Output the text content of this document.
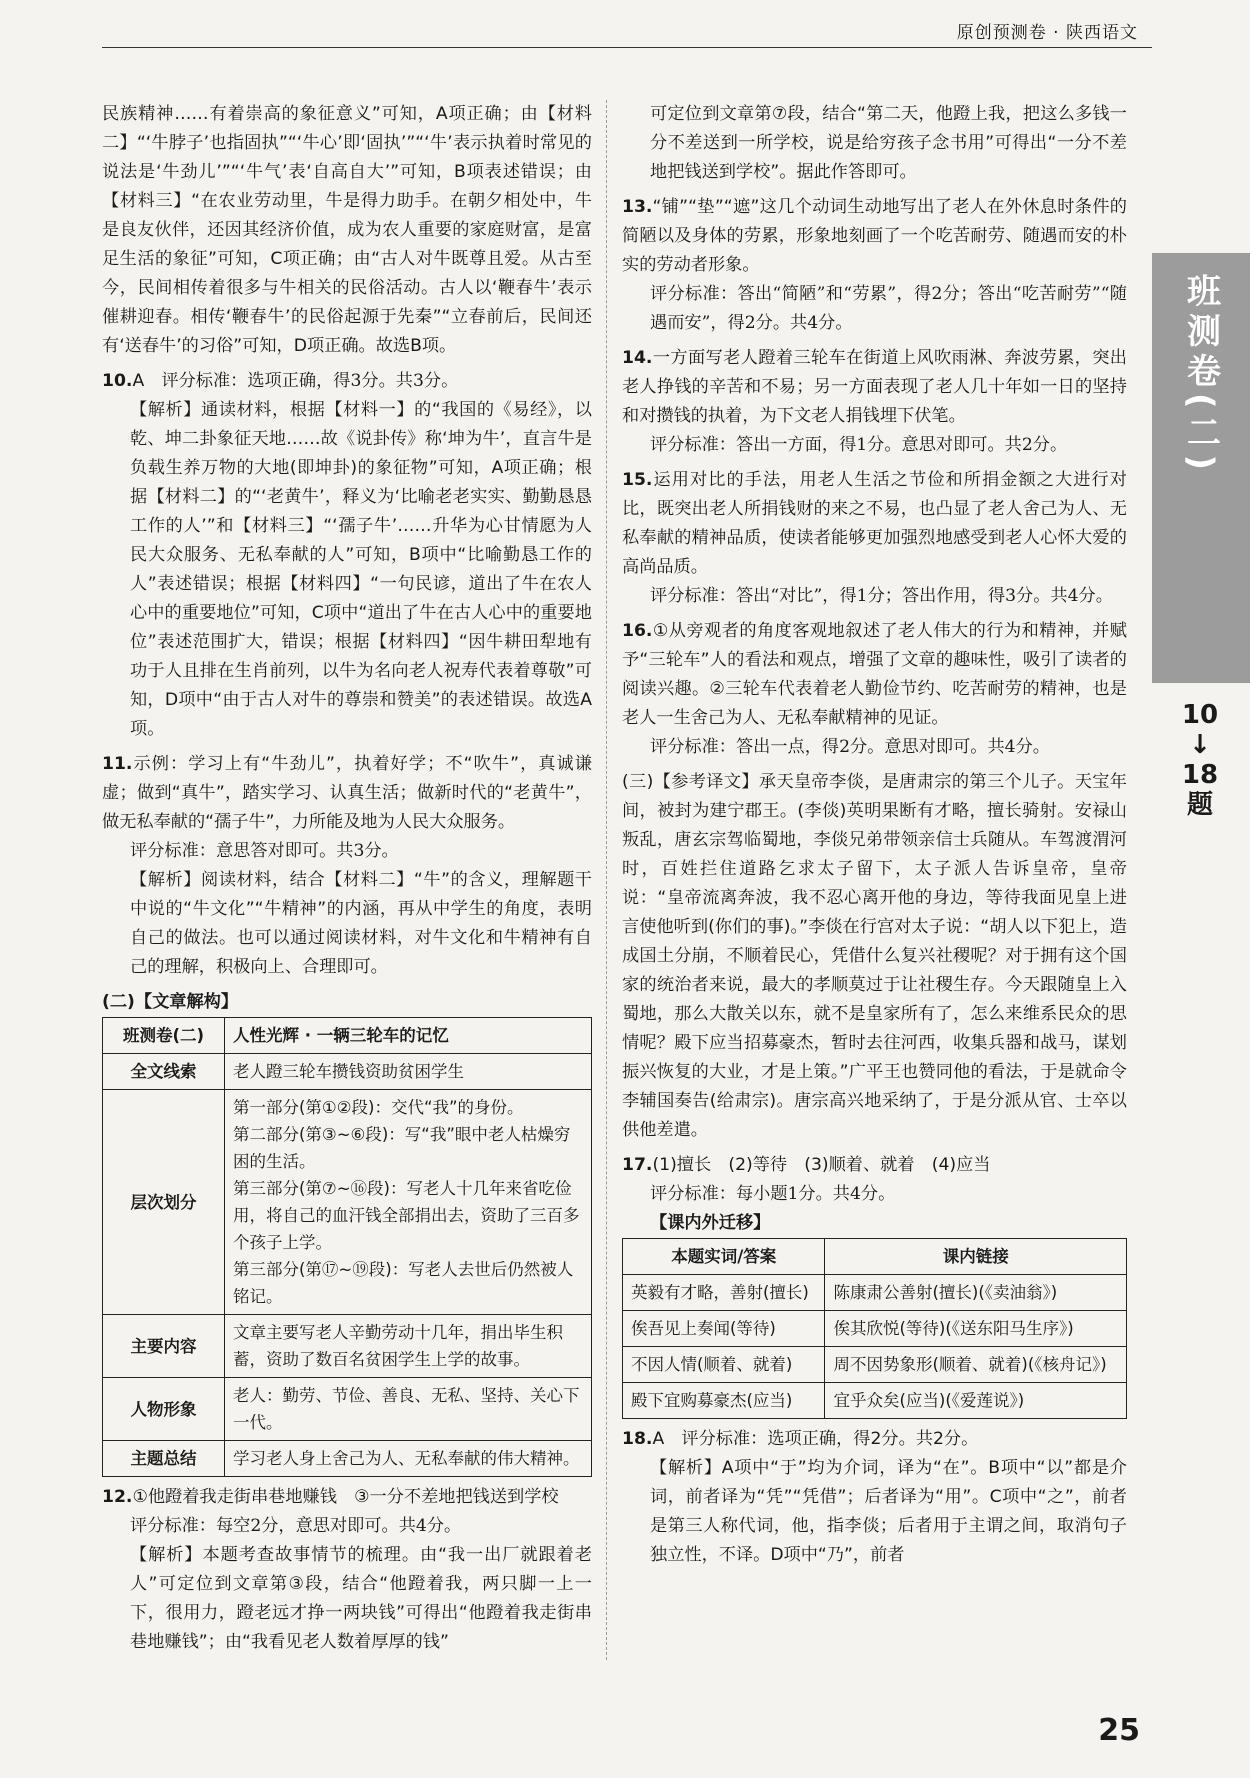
原创预测卷 · 陕西语文

民族精神……有着崇高的象征意义”可知，A项正确；由【材料二】“‘牛脖子’也指固执”“‘牛心’即‘固执’”“‘牛’表示执着时常见的说法是‘牛劲儿’”“‘牛气’表‘自高自大’”可知，B项表述错误；由【材料三】“在农业劳动里，牛是得力助手。在朝夕相处中，牛是良友伙伴，还因其经济价值，成为农人重要的家庭财富，是富足生活的象征”可知，C项正确；由“古人对牛既尊且爱。从古至今，民间相传着很多与牛相关的民俗活动。古人以‘鞭春牛’表示催耕迎春。相传‘鞭春牛’的民俗起源于先秦”“立春前后，民间还有‘送春牛’的习俗”可知，D项正确。故选B项。

10.A　 评分标准：选项正确，得3分。共3分。

【解析】通读材料，根据【材料一】的“我国的《易经》，以乾、坤二卦象征天地……故《说卦传》称‘坤为牛’，直言牛是负载生养万物的大地(即坤卦)的象征物”可知，A项正确；根据【材料二】的“‘老黄牛’，释义为‘比喻老老实实、勤勤恳恳工作的人’”和【材料三】“‘孺子牛’……升华为心甘情愿为人民大众服务、无私奉献的人”可知，B项中“比喻勤恳工作的人”表述错误；根据【材料四】“一句民谚，道出了牛在农人心中的重要地位”可知，C项中“道出了牛在古人心中的重要地位”表述范围扩大，错误；根据【材料四】“因牛耕田犁地有功于人且排在生肖前列，以牛为名向老人祝寿代表着尊敬”可知，D项中“由于古人对牛的尊崇和赞美”的表述错误。故选A项。

11.示例：学习上有“牛劲儿”，执着好学；不“吹牛”，真诚谦虚；做到“真牛”，踏实学习、认真生活；做新时代的“老黄牛”，做无私奉献的“孺子牛”，力所能及地为人民大众服务。

评分标准：意思答对即可。共3分。

【解析】阅读材料，结合【材料二】“牛”的含义，理解题干中说的“牛文化”“牛精神”的内涵，再从中学生的角度，表明自己的做法。也可以通过阅读材料，对牛文化和牛精神有自己的理解，积极向上、合理即可。

(二)【文章解构】

班测卷(二)	人性光辉 · 一辆三轮车的记忆
全文线索	老人蹬三轮车攒钱资助贫困学生
层次划分	第一部分(第①②段)：交代“我”的身份。
第二部分(第③~⑥段)：写“我”眼中老人枯燥穷困的生活。
第三部分(第⑦~⑯段)：写老人十几年来省吃俭用，将自己的血汗钱全部捐出去，资助了三百多个孩子上学。
第三部分(第⑰~⑲段)：写老人去世后仍然被人铭记。

主要内容	文章主要写老人辛勤劳动十几年，捐出毕生积蓄，资助了数百名贫困学生上学的故事。
人物形象	老人：勤劳、节俭、善良、无私、坚持、关心下一代。
主题总结	学习老人身上舍己为人、无私奉献的伟大精神。

12.①他蹬着我走街串巷地赚钱　③一分不差地把钱送到学校

评分标准：每空2分，意思对即可。共4分。

【解析】本题考查故事情节的梳理。由“我一出厂就跟着老人”可定位到文章第③段，结合“他蹬着我，两只脚一上一下，很用力，蹬老远才挣一两块钱”可得出“他蹬着我走街串巷地赚钱”；由“我看见老人数着厚厚的钱”

可定位到文章第⑦段，结合“第二天，他蹬上我，把这么多钱一分不差送到一所学校，说是给穷孩子念书用”可得出“一分不差地把钱送到学校”。据此作答即可。

13.“铺”“垫”“遮”这几个动词生动地写出了老人在外休息时条件的简陋以及身体的劳累，形象地刻画了一个吃苦耐劳、随遇而安的朴实的劳动者形象。

评分标准：答出“简陋”和“劳累”，得2分；答出“吃苦耐劳”“随遇而安”，得2分。共4分。

14.一方面写老人蹬着三轮车在街道上风吹雨淋、奔波劳累，突出老人挣钱的辛苦和不易；另一方面表现了老人几十年如一日的坚持和对攒钱的执着，为下文老人捐钱埋下伏笔。

评分标准：答出一方面，得1分。意思对即可。共2分。

15.运用对比的手法，用老人生活之节俭和所捐金额之大进行对比，既突出老人所捐钱财的来之不易，也凸显了老人舍己为人、无私奉献的精神品质，使读者能够更加强烈地感受到老人心怀大爱的高尚品质。

评分标准：答出“对比”，得1分；答出作用，得3分。共4分。

16.①从旁观者的角度客观地叙述了老人伟大的行为和精神，并赋予“三轮车”人的看法和观点，增强了文章的趣味性，吸引了读者的阅读兴趣。②三轮车代表着老人勤俭节约、吃苦耐劳的精神，也是老人一生舍己为人、无私奉献精神的见证。

评分标准：答出一点，得2分。意思对即可。共4分。

(三)【参考译文】承天皇帝李倓，是唐肃宗的第三个儿子。天宝年间，被封为建宁郡王。(李倓)英明果断有才略，擅长骑射。安禄山叛乱，唐玄宗驾临蜀地，李倓兄弟带领亲信士兵随从。车驾渡渭河时，百姓拦住道路乞求太子留下，太子派人告诉皇帝，皇帝说：“皇帝流离奔波，我不忍心离开他的身边，等待我面见皇上进言使他听到(你们的事)。”李倓在行宫对太子说：“胡人以下犯上，造成国土分崩，不顺着民心，凭借什么复兴社稷呢？对于拥有这个国家的统治者来说，最大的孝顺莫过于让社稷生存。今天跟随皇上入蜀地，那么大散关以东，就不是皇家所有了，怎么来维系民众的思情呢？殿下应当招募豪杰，暂时去往河西，收集兵器和战马，谋划振兴恢复的大业，才是上策。”广平王也赞同他的看法，于是就命令李辅国奏告(给肃宗)。唐宗高兴地采纳了，于是分派从官、士卒以供他差遣。

17.(1)擅长　(2)等待　(3)顺着、就着　(4)应当

评分标准：每小题1分。共4分。

【课内外迁移】

本题实词/答案	课内链接
英毅有才略，善射(擅长)	陈康肃公善射(擅长)(《卖油翁》)
俟吾见上奏闻(等待)	俟其欣悦(等待)(《送东阳马生序》)
不因人情(顺着、就着)	周不因势象形(顺着、就着)(《核舟记》)
殿下宜购募豪杰(应当)	宜乎众矣(应当)(《爱莲说》)

18.A　评分标准：选项正确，得2分。共2分。

【解析】A项中“于”均为介词，译为“在”。B项中“以”都是介词，前者译为“凭”“凭借”；后者译为“用”。C项中“之”，前者是第三人称代词，他，指李倓；后者用于主谓之间，取消句子独立性，不译。D项中“乃”，前者

班测卷(二)
10
↓
18
题
25
